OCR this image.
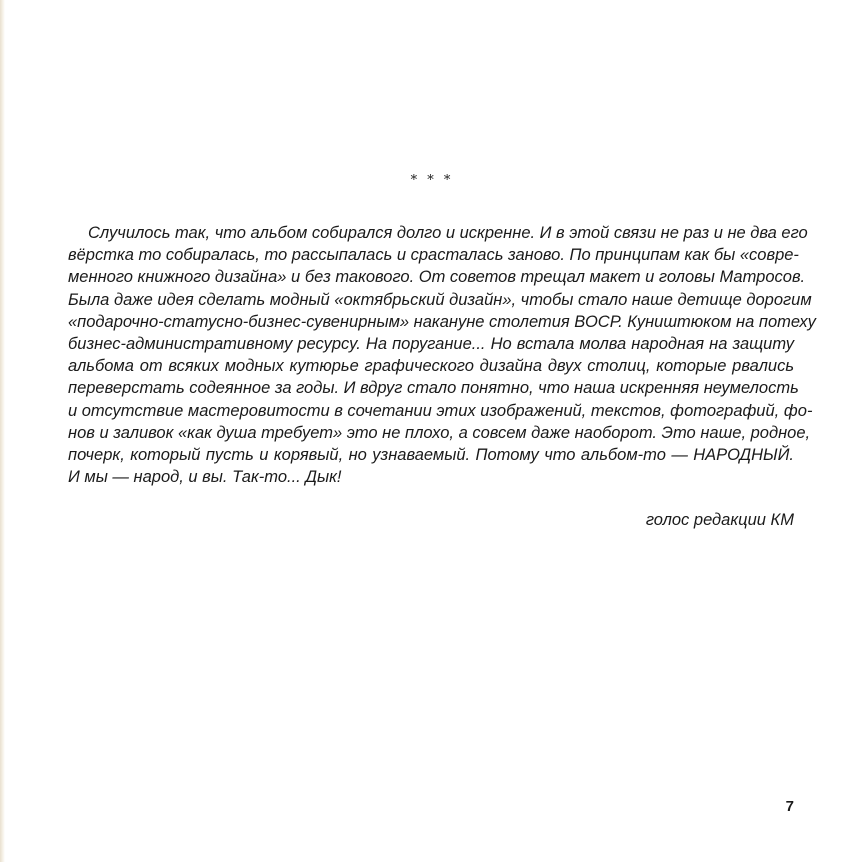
* * *
Случилось так, что альбом собирался долго и искренне. И в этой связи не раз и не два его
вёрстка то собиралась, то рассыпалась и срасталась заново. По принципам как бы «совре-
менного книжного дизайна» и без такового. От советов трещал макет и головы Матросов.
Была даже идея сделать модный «октябрьский дизайн», чтобы стало наше детище дорогим
«подарочно-статусно-бизнес-сувенирным» накануне столетия ВОСР. Куништюком на потеху
бизнес-административному ресурсу. На поругание... Но встала молва народная на защиту
альбома от всяких модных кутюрье графического дизайна двух столиц, которые рвались
переверстать содеянное за годы. И вдруг стало понятно, что наша искренняя неумелость
и отсутствие мастеровитости в сочетании этих изображений, текстов, фотографий, фо-
нов и заливок «как душа требует» это не плохо, а совсем даже наоборот. Это наше, родное,
почерк, который пусть и корявый, но узнаваемый. Потому что альбом-то — НАРОДНЫЙ.
И мы — народ, и вы. Так-то... Дык!
голос редакции КМ
7
